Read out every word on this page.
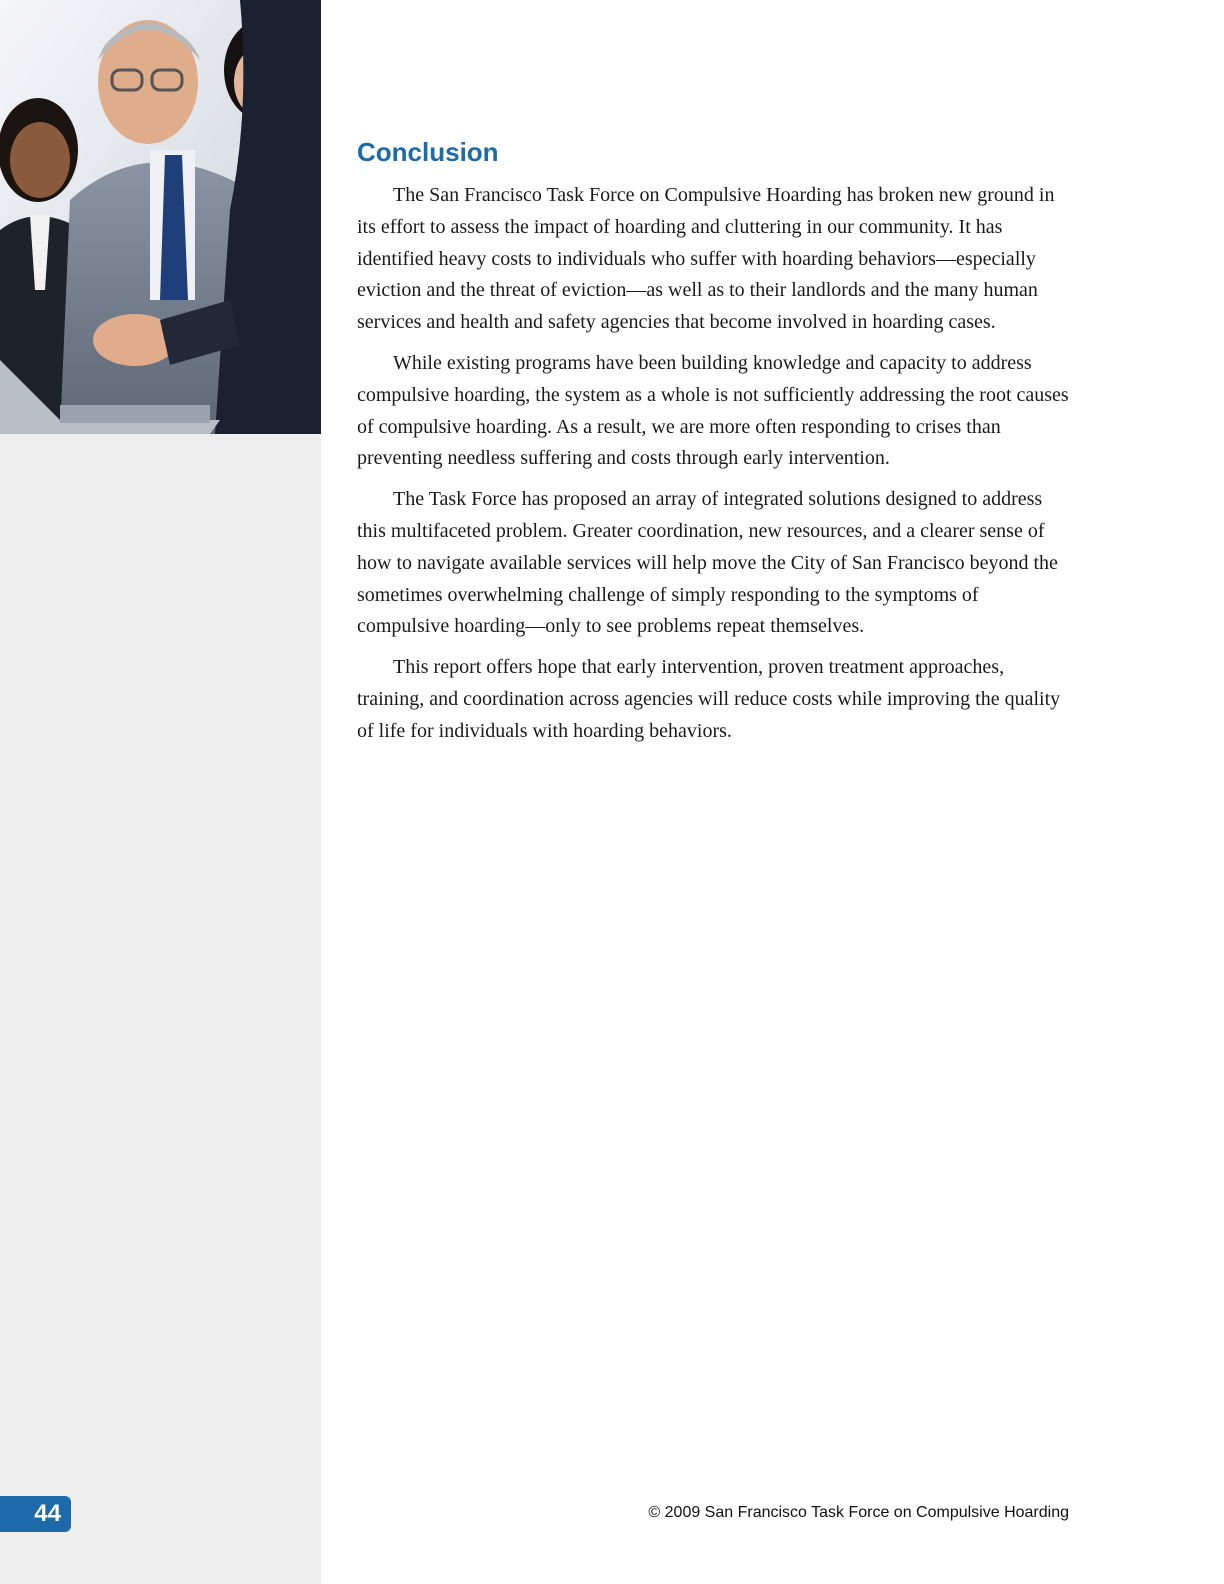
44
Conclusion

The San Francisco Task Force on Compulsive Hoarding has broken new ground in its effort to assess the impact of hoarding and cluttering in our community. It has identified heavy costs to individuals who suffer with hoarding behaviors—especially eviction and the threat of eviction—as well as to their landlords and the many human services and health and safety agencies that become involved in hoarding cases.

While existing programs have been building knowledge and capacity to address compulsive hoarding, the system as a whole is not sufficiently addressing the root causes of compulsive hoarding. As a result, we are more often responding to crises than preventing needless suffering and costs through early intervention.

The Task Force has proposed an array of integrated solutions designed to address this multifaceted problem. Greater coordination, new resources, and a clearer sense of how to navigate available services will help move the City of San Francisco beyond the sometimes overwhelming challenge of simply responding to the symptoms of compulsive hoarding—only to see problems repeat themselves.

This report offers hope that early intervention, proven treatment approaches, training, and coordination across agencies will reduce costs while improving the quality of life for individuals with hoarding behaviors.

© 2009 San Francisco Task Force on Compulsive Hoarding
